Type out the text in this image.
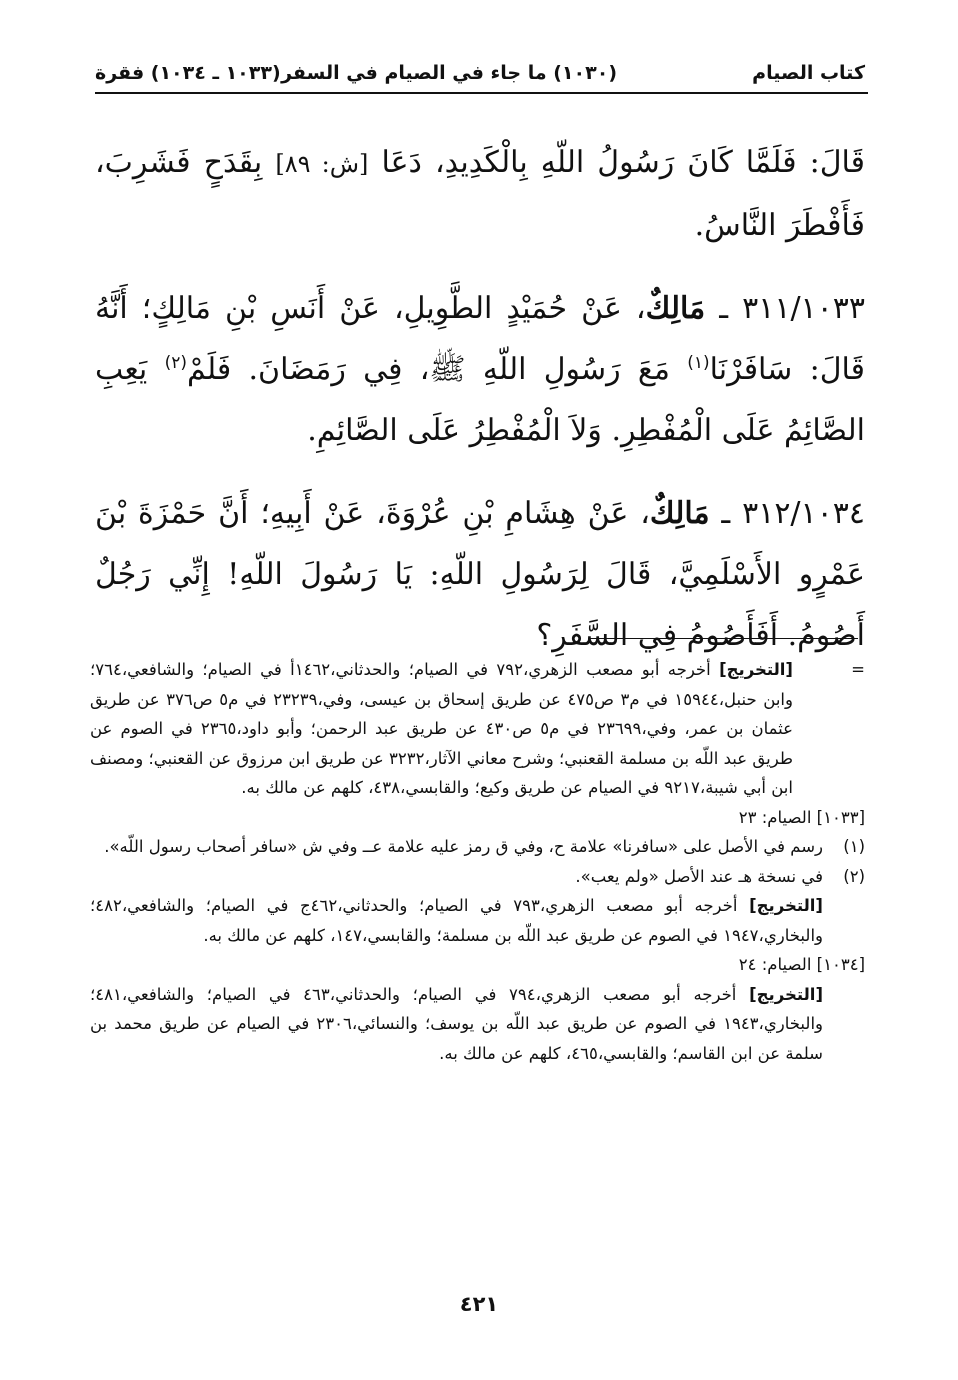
كتاب الصيام
(١٠٣٠) ما جاء في الصيام في السفر
(١٠٣٣ ـ ١٠٣٤) فقرة

قَالَ: فَلَمَّا كَانَ رَسُولُ اللّهِ بِالْكَدِيدِ، دَعَا [ش: ٨٩] بِقَدَحٍ فَشَرِبَ، فَأَفْطَرَ النَّاسُ.

٣١١/١٠٣٣ ـ مَالِكٌ، عَنْ حُمَيْدٍ الطَّوِيلِ، عَنْ أَنَسِ بْنِ مَالِكٍ؛ أَنَّهُ قَالَ: سَافَرْنَا$^{(١)}$ مَعَ رَسُولِ اللّهِ ﷺ، فِي رَمَضَانَ. فَلَمْ$^{(٢)}$ يَعِبِ الصَّائِمُ عَلَى الْمُفْطِرِ. وَلاَ الْمُفْطِرُ عَلَى الصَّائِمِ.

٣١٢/١٠٣٤ ـ مَالِكٌ، عَنْ هِشَامِ بْنِ عُرْوَةَ، عَنْ أَبِيهِ؛ أَنَّ حَمْزَةَ بْنَ عَمْرٍو الأَسْلَمِيَّ، قَالَ لِرَسُولِ اللّهِ: يَا رَسُولَ اللّهِ! إِنِّي رَجُلٌ أَصُومُ. أَفَأَصُومُ فِي السَّفَرِ؟

=
[التخريج] أخرجه أبو مصعب الزهري،٧٩٢ في الصيام؛ والحدثاني،١٤٦٢أ في الصيام؛ والشافعي،٧٦٤؛ وابن حنبل،١٥٩٤٤ في م٣ ص٤٧٥ عن طريق إسحاق بن عيسى، وفي،٢٣٢٣٩ في م٥ ص٣٧٦ عن طريق عثمان بن عمر، وفي،٢٣٦٩٩ في م٥ ص٤٣٠ عن طريق عبد الرحمن؛ وأبو داود،٢٣٦٥ في الصوم عن طريق عبد اللّه بن مسلمة القعنبي؛ وشرح معاني الآثار،٣٢٣٢ عن طريق ابن مرزوق عن القعنبي؛ ومصنف ابن أبي شيبة،٩٢١٧ في الصيام عن طريق وكيع؛ والقابسي،٤٣٨، كلهم عن مالك به.
[١٠٣٣] الصيام: ٢٣
(١)
رسم في الأصل على «سافرنا» علامة ح، وفي ق رمز عليه علامة عــ وفي ش «سافر أصحاب رسول اللّه».
(٢)
في نسخة هـ عند الأصل «ولم يعب».
[التخريج] أخرجه أبو مصعب الزهري،٧٩٣ في الصيام؛ والحدثاني،٤٦٢ج في الصيام؛ والشافعي،٤٨٢؛ والبخاري،١٩٤٧ في الصوم عن طريق عبد اللّه بن مسلمة؛ والقابسي،١٤٧، كلهم عن مالك به.
[١٠٣٤] الصيام: ٢٤
[التخريج] أخرجه أبو مصعب الزهري،٧٩٤ في الصيام؛ والحدثاني،٤٦٣ في الصيام؛ والشافعي،٤٨١؛ والبخاري،١٩٤٣ في الصوم عن طريق عبد اللّه بن يوسف؛ والنسائي،٢٣٠٦ في الصيام عن طريق محمد بن سلمة عن ابن القاسم؛ والقابسي،٤٦٥، كلهم عن مالك به.
٤٢١
